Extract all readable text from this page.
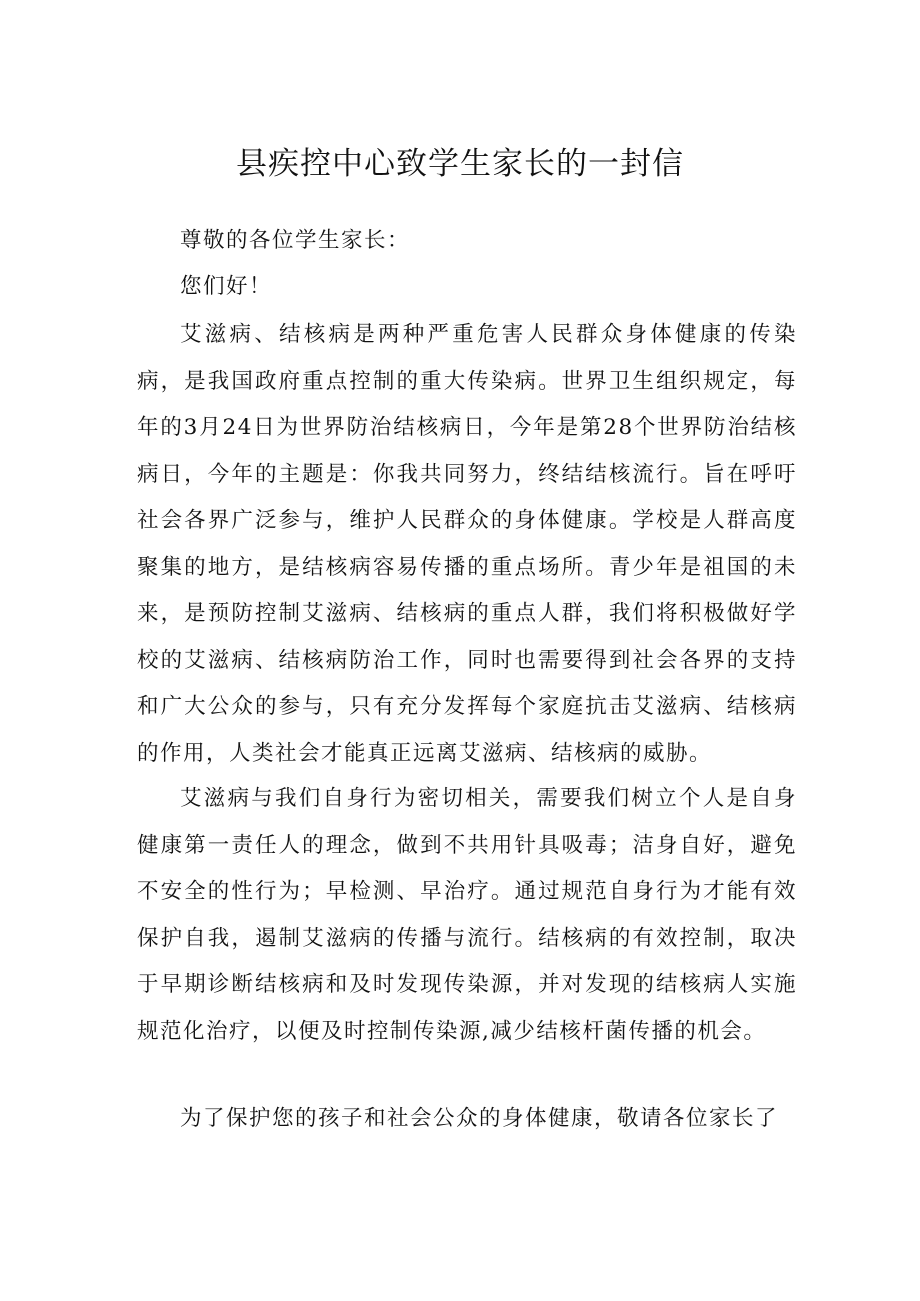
县疾控中心致学生家长的一封信

尊敬的各位学生家长：

您们好！

艾滋病、结核病是两种严重危害人民群众身体健康的传染病，是我国政府重点控制的重大传染病。世界卫生组织规定，每年的3月24日为世界防治结核病日，今年是第28个世界防治结核病日，今年的主题是：你我共同努力，终结结核流行。旨在呼吁社会各界广泛参与，维护人民群众的身体健康。学校是人群高度聚集的地方，是结核病容易传播的重点场所。青少年是祖国的未来，是预防控制艾滋病、结核病的重点人群，我们将积极做好学校的艾滋病、结核病防治工作，同时也需要得到社会各界的支持和广大公众的参与，只有充分发挥每个家庭抗击艾滋病、结核病的作用，人类社会才能真正远离艾滋病、结核病的威胁。

艾滋病与我们自身行为密切相关，需要我们树立个人是自身健康第一责任人的理念，做到不共用针具吸毒；洁身自好，避免不安全的性行为；早检测、早治疗。通过规范自身行为才能有效保护自我，遏制艾滋病的传播与流行。结核病的有效控制，取决于早期诊断结核病和及时发现传染源，并对发现的结核病人实施规范化治疗，以便及时控制传染源,减少结核杆菌传播的机会。

为了保护您的孩子和社会公众的身体健康，敬请各位家长了
